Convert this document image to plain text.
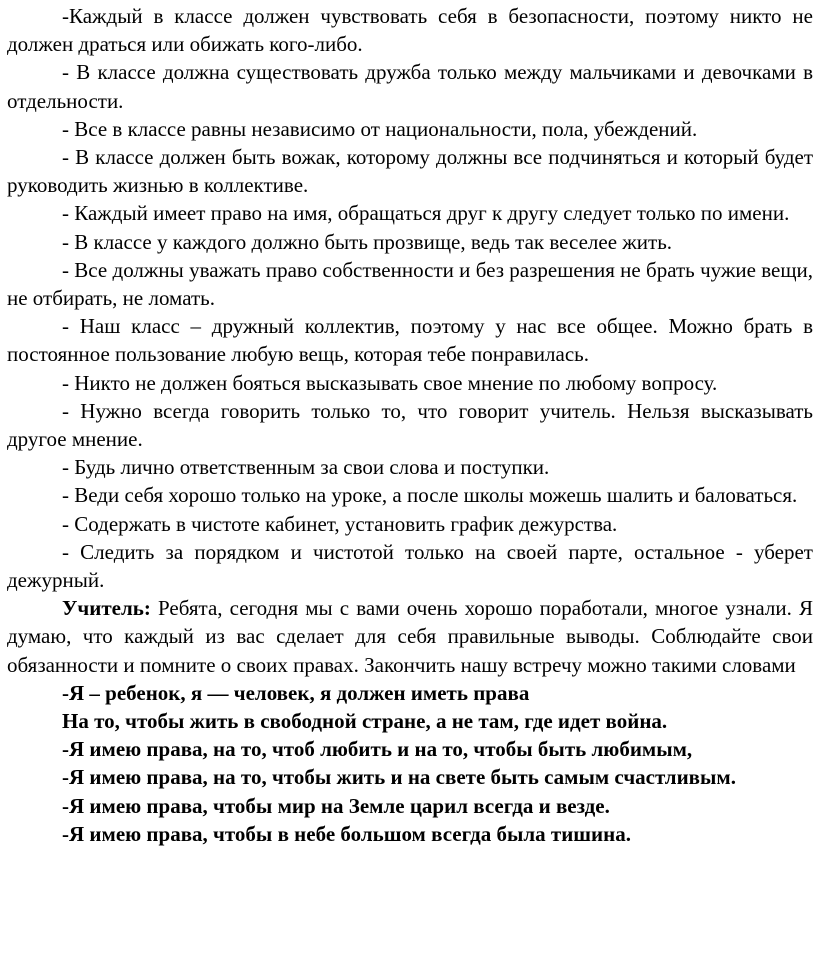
-Каждый в классе должен чувствовать себя в безопасности, поэтому никто не должен драться или обижать кого-либо.

- В классе должна существовать дружба только между мальчиками и девочками в отдельности.

- Все в классе равны независимо от национальности, пола, убеждений.

- В классе должен быть вожак, которому должны все подчиняться и который будет руководить жизнью в коллективе.

- Каждый имеет право на имя, обращаться друг к другу следует только по имени.

- В классе у каждого должно быть прозвище, ведь так веселее жить.

- Все должны уважать право собственности и без разрешения не брать чужие вещи, не отбирать, не ломать.

- Наш класс – дружный коллектив, поэтому у нас все общее. Можно брать в постоянное пользование любую вещь, которая тебе понравилась.

- Никто не должен бояться высказывать свое мнение по любому вопросу.

- Нужно всегда говорить только то, что говорит учитель. Нельзя высказывать другое мнение.

- Будь лично ответственным за свои слова и поступки.

- Веди себя хорошо только на уроке, а после школы можешь шалить и баловаться.

- Содержать в чистоте кабинет, установить график дежурства.

- Следить за порядком и чистотой только на своей парте, остальное - уберет дежурный.

Учитель: Ребята, сегодня мы с вами очень хорошо поработали, многое узнали. Я думаю, что каждый из вас сделает для себя правильные выводы. Соблюдайте свои обязанности и помните о своих правах. Закончить нашу встречу можно такими словами

-Я – ребенок, я — человек, я должен иметь права

На то, чтобы жить в свободной стране, а не там, где идет война.

-Я имею права, на то, чтоб любить и на то, чтобы быть любимым,

-Я имею права, на то, чтобы жить и на свете быть самым счастливым.

-Я имею права, чтобы мир на Земле царил всегда и везде.

-Я имею права, чтобы в небе большом всегда была тишина.
